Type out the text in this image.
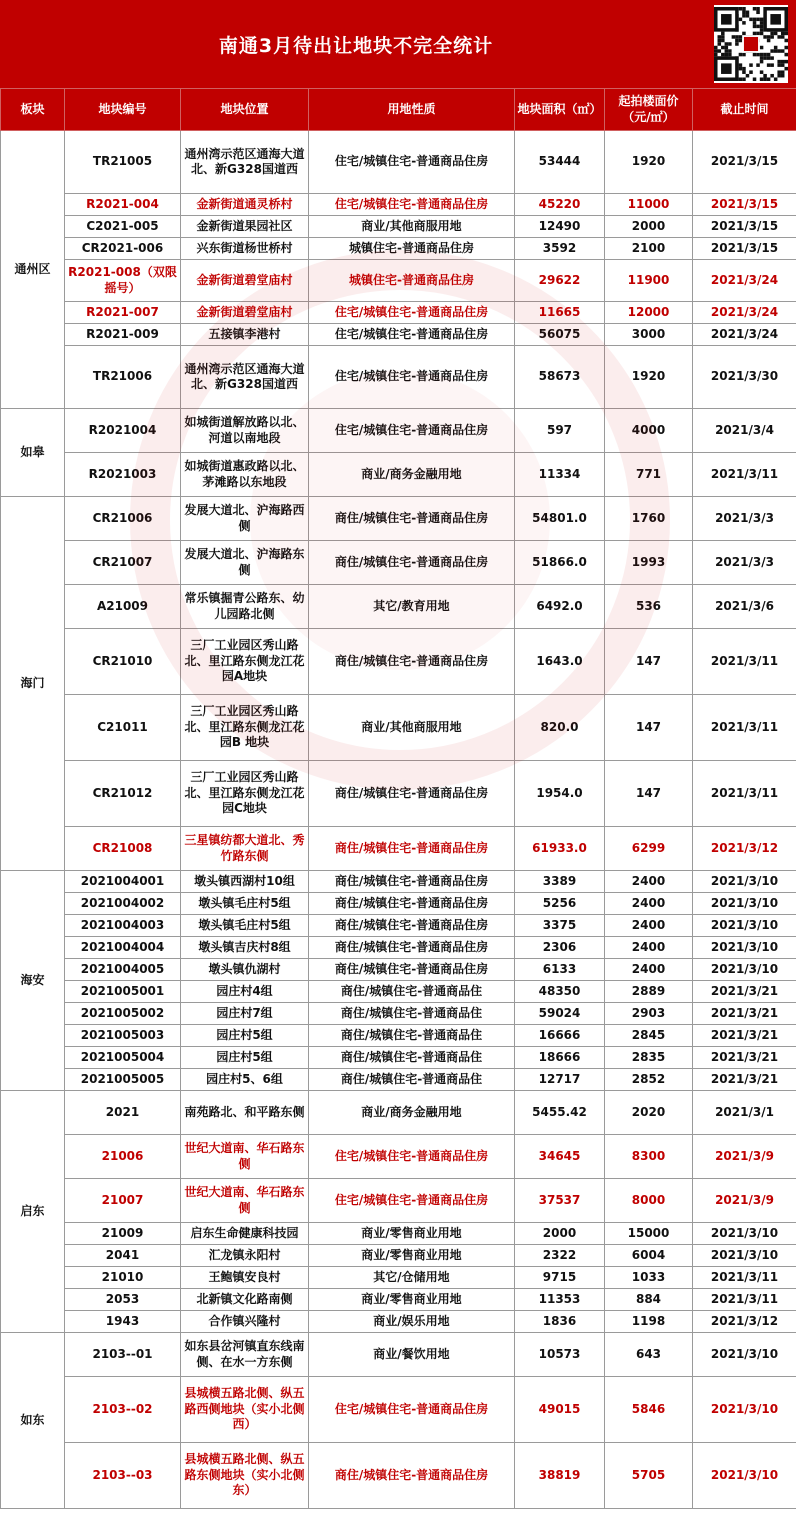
南通3月待出让地块不完全统计
板块	地块编号	地块位置	用地性质	地块面积（㎡）	起拍楼面价（元/㎡）	截止时间
通州区	TR21005	通州湾示范区通海大道北、新G328国道西	住宅/城镇住宅-普通商品住房	53444	1920	2021/3/15
	R2021-004	金新街道通灵桥村	住宅/城镇住宅-普通商品住房	45220	11000	2021/3/15
	C2021-005	金新街道果园社区	商业/其他商服用地	12490	2000	2021/3/15
	CR2021-006	兴东街道杨世桥村	城镇住宅-普通商品住房	3592	2100	2021/3/15
	R2021-008（双限摇号）	金新街道碧堂庙村	城镇住宅-普通商品住房	29622	11900	2021/3/24
	R2021-007	金新街道碧堂庙村	住宅/城镇住宅-普通商品住房	11665	12000	2021/3/24
	R2021-009	五接镇李港村	住宅/城镇住宅-普通商品住房	56075	3000	2021/3/24
	TR21006	通州湾示范区通海大道北、新G328国道西	住宅/城镇住宅-普通商品住房	58673	1920	2021/3/30
如皋	R2021004	如城街道解放路以北、河道以南地段	住宅/城镇住宅-普通商品住房	597	4000	2021/3/4
	R2021003	如城街道惠政路以北、茅滩路以东地段	商业/商务金融用地	11334	771	2021/3/11
海门	CR21006	发展大道北、沪海路西侧	商住/城镇住宅-普通商品住房	54801.0	1760	2021/3/3
	CR21007	发展大道北、沪海路东侧	商住/城镇住宅-普通商品住房	51866.0	1993	2021/3/3
	A21009	常乐镇掘青公路东、幼儿园路北侧	其它/教育用地	6492.0	536	2021/3/6
	CR21010	三厂工业园区秀山路北、里江路东侧龙江花园A地块	商住/城镇住宅-普通商品住房	1643.0	147	2021/3/11
	C21011	三厂工业园区秀山路北、里江路东侧龙江花园B 地块	商业/其他商服用地	820.0	147	2021/3/11
	CR21012	三厂工业园区秀山路北、里江路东侧龙江花园C地块	商住/城镇住宅-普通商品住房	1954.0	147	2021/3/11
	CR21008	三星镇纺都大道北、秀竹路东侧	商住/城镇住宅-普通商品住房	61933.0	6299	2021/3/12
海安	2021004001	墩头镇西湖村10组	商住/城镇住宅-普通商品住房	3389	2400	2021/3/10
	2021004002	墩头镇毛庄村5组	商住/城镇住宅-普通商品住房	5256	2400	2021/3/10
	2021004003	墩头镇毛庄村5组	商住/城镇住宅-普通商品住房	3375	2400	2021/3/10
	2021004004	墩头镇吉庆村8组	商住/城镇住宅-普通商品住房	2306	2400	2021/3/10
	2021004005	墩头镇仇湖村	商住/城镇住宅-普通商品住房	6133	2400	2021/3/10
	2021005001	园庄村4组	商住/城镇住宅-普通商品住	48350	2889	2021/3/21
	2021005002	园庄村7组	商住/城镇住宅-普通商品住	59024	2903	2021/3/21
	2021005003	园庄村5组	商住/城镇住宅-普通商品住	16666	2845	2021/3/21
	2021005004	园庄村5组	商住/城镇住宅-普通商品住	18666	2835	2021/3/21
	2021005005	园庄村5、6组	商住/城镇住宅-普通商品住	12717	2852	2021/3/21
启东	2021	南苑路北、和平路东侧	商业/商务金融用地	5455.42	2020	2021/3/1
	21006	世纪大道南、华石路东侧	住宅/城镇住宅-普通商品住房	34645	8300	2021/3/9
	21007	世纪大道南、华石路东侧	住宅/城镇住宅-普通商品住房	37537	8000	2021/3/9
	21009	启东生命健康科技园	商业/零售商业用地	2000	15000	2021/3/10
	2041	汇龙镇永阳村	商业/零售商业用地	2322	6004	2021/3/10
	21010	王鲍镇安良村	其它/仓储用地	9715	1033	2021/3/11
	2053	北新镇文化路南侧	商业/零售商业用地	11353	884	2021/3/11
	1943	合作镇兴隆村	商业/娱乐用地	1836	1198	2021/3/12
如东	2103--01	如东县岔河镇直东线南侧、在水一方东侧	商业/餐饮用地	10573	643	2021/3/10
	2103--02	县城横五路北侧、纵五路西侧地块（实小北侧西）	住宅/城镇住宅-普通商品住房	49015	5846	2021/3/10
	2103--03	县城横五路北侧、纵五路东侧地块（实小北侧东）	商住/城镇住宅-普通商品住房	38819	5705	2021/3/10
